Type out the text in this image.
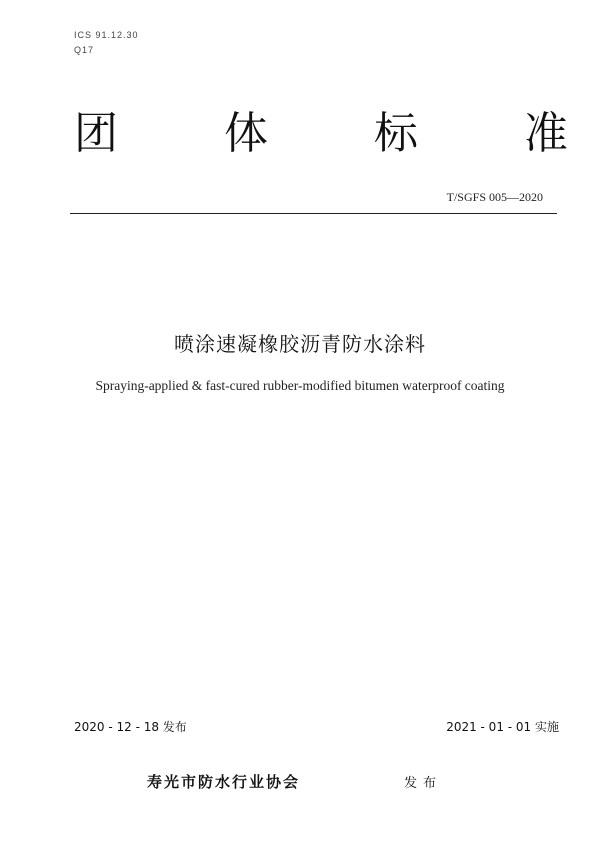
ICS 91.12.30
Q17
团 体 标 准
T/SGFS 005—2020
喷涂速凝橡胶沥青防水涂料
Spraying-applied & fast-cured rubber-modified bitumen waterproof coating
2020 - 12 - 18 发布	2021 - 01 - 01 实施
寿光市防水行业协会	发布
